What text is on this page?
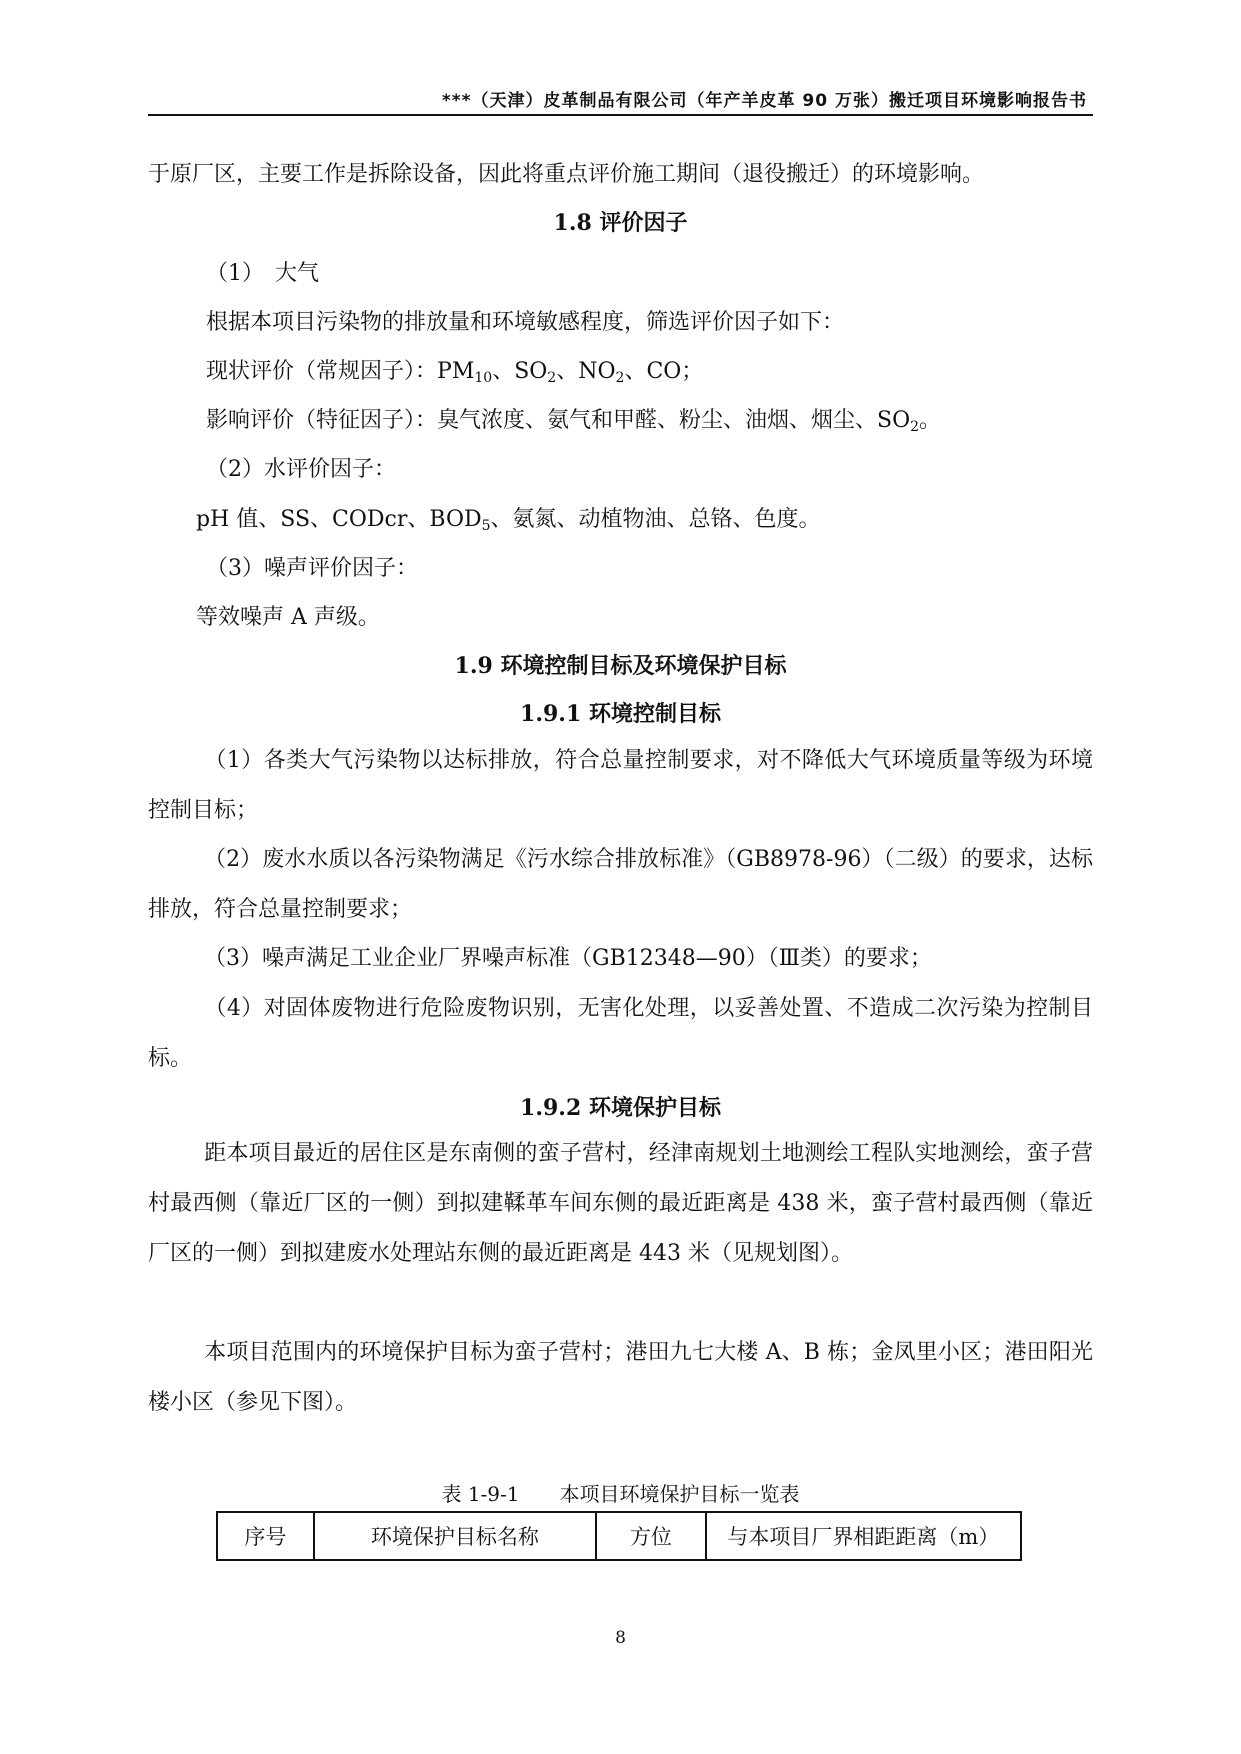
***（天津）皮革制品有限公司（年产羊皮革 90 万张）搬迁项目环境影响报告书
于原厂区，主要工作是拆除设备，因此将重点评价施工期间（退役搬迁）的环境影响。
1.8 评价因子
（1）　大气
根据本项目污染物的排放量和环境敏感程度，筛选评价因子如下：
现状评价（常规因子）：$PM_{10}$、$SO_2$、$NO_2$、CO；
影响评价（特征因子）：臭气浓度、氨气和甲醛、粉尘、油烟、烟尘、$SO_2$。
（2）水评价因子：
pH 值、SS、CODcr、$BOD_5$、氨氮、动植物油、总铬、色度。
（3）噪声评价因子：
等效噪声 A 声级。
1.9 环境控制目标及环境保护目标
1.9.1 环境控制目标
（1）各类大气污染物以达标排放，符合总量控制要求，对不降低大气环境质量等级为环境控制目标；
（2）废水水质以各污染物满足《污水综合排放标准》（GB8978-96）（二级）的要求，达标排放，符合总量控制要求；
（3）噪声满足工业企业厂界噪声标准（GB12348—90）（Ⅲ类）的要求；
（4）对固体废物进行危险废物识别，无害化处理，以妥善处置、不造成二次污染为控制目标。
1.9.2 环境保护目标
距本项目最近的居住区是东南侧的蛮子营村，经津南规划土地测绘工程队实地测绘，蛮子营村最西侧（靠近厂区的一侧）到拟建鞣革车间东侧的最近距离是 438 米，蛮子营村最西侧（靠近厂区的一侧）到拟建废水处理站东侧的最近距离是 443 米（见规划图）。
本项目范围内的环境保护目标为蛮子营村；港田九七大楼 A、B 栋；金凤里小区；港田阳光楼小区（参见下图）。
表 1-9-1　　本项目环境保护目标一览表
序号	环境保护目标名称	方位	与本项目厂界相距距离（m）
8
